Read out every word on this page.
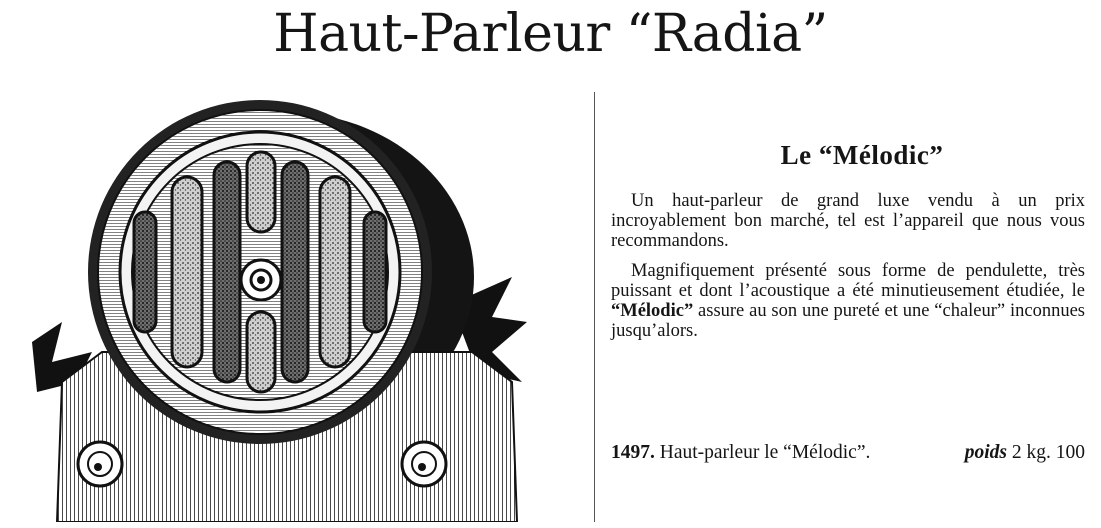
Haut-Parleur “Radia”
Le “Mélodic”

Un haut-parleur de grand luxe vendu à un prix incroyablement bon marché, tel est l’appareil que nous vous recommandons.

Magnifiquement présenté sous forme de pendulette, très puissant et dont l’acoustique a été minutieusement étudiée, le “Mélodic” assure au son une pureté et une “chaleur” inconnues jusqu’alors.

1497. Haut-parleur le “Mélodic”.	poids 2 kg. 100
